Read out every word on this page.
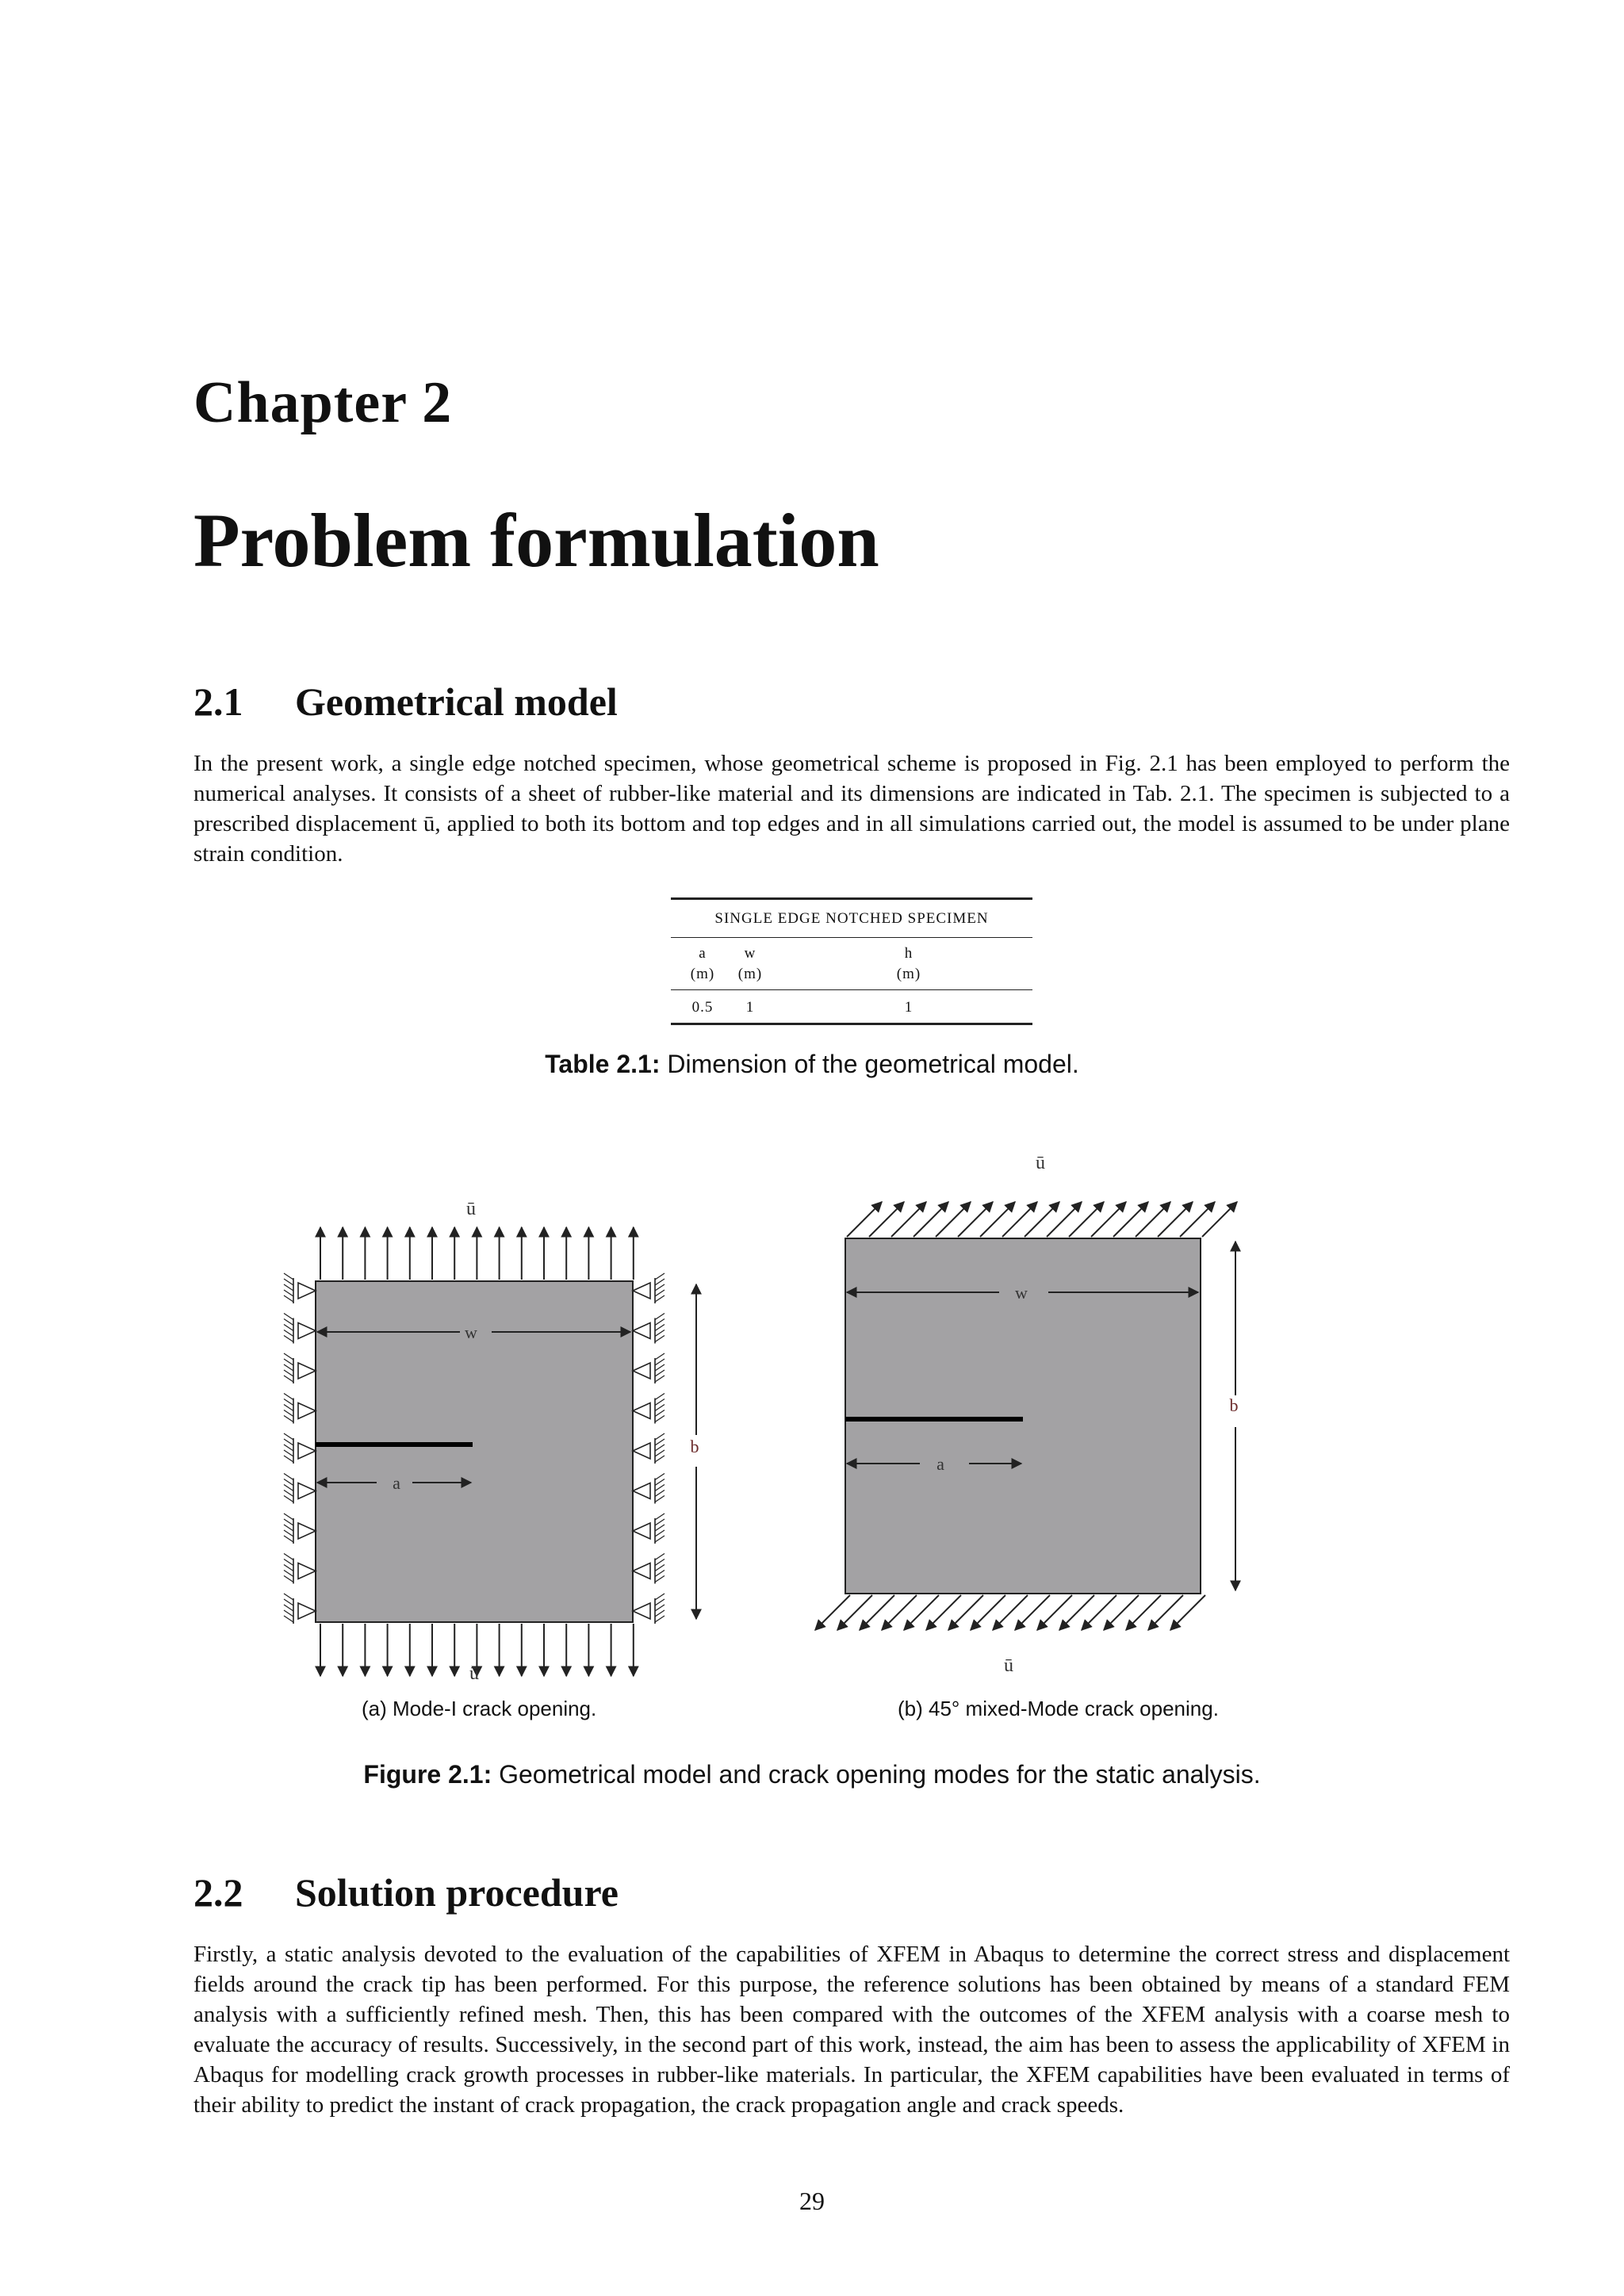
Chapter 2
Problem formulation
2.1 Geometrical model
In the present work, a single edge notched specimen, whose geometrical scheme is proposed in Fig. 2.1 has been employed to perform the numerical analyses. It consists of a sheet of rubber-like material and its dimensions are indicated in Tab. 2.1. The specimen is subjected to a prescribed displacement ū, applied to both its bottom and top edges and in all simulations carried out, the model is assumed to be under plane strain condition.
SINGLE EDGE NOTCHED SPECIMEN
a	w	h
(m)	(m)	(m)
0.5	1	1
Table 2.1: Dimension of the geometrical model.
w
a
b
ū
ū
w
a
b
ū
ū
(a) Mode-I crack opening.	(b) 45° mixed-Mode crack opening.
Figure 2.1: Geometrical model and crack opening modes for the static analysis.
2.2 Solution procedure
Firstly, a static analysis devoted to the evaluation of the capabilities of XFEM in Abaqus to determine the correct stress and displacement fields around the crack tip has been performed. For this purpose, the reference solutions has been obtained by means of a standard FEM analysis with a sufficiently refined mesh. Then, this has been compared with the outcomes of the XFEM analysis with a coarse mesh to evaluate the accuracy of results. Successively, in the second part of this work, instead, the aim has been to assess the applicability of XFEM in Abaqus for modelling crack growth processes in rubber-like materials. In particular, the XFEM capabilities have been evaluated in terms of their ability to predict the instant of crack propagation, the crack propagation angle and crack speeds.
29
